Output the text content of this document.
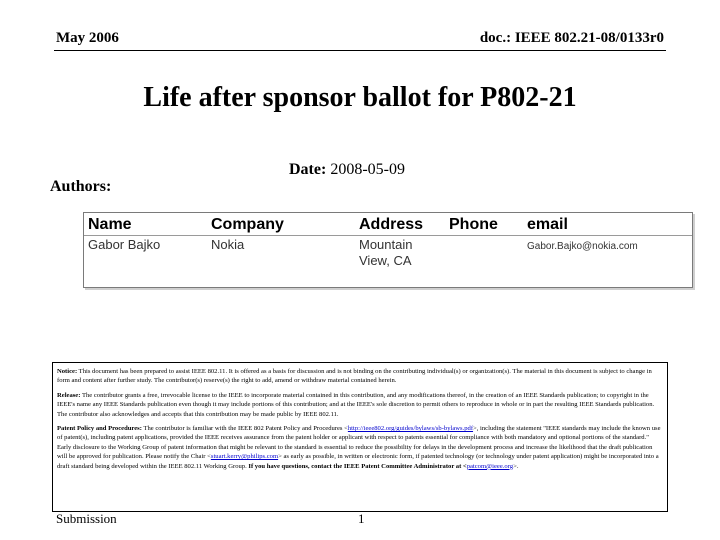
May 2006	doc.: IEEE 802.21-08/0133r0
Life after sponsor ballot for P802-21
Date: 2008-05-09
Authors:
Name	Company	Address	Phone	email
Gabor Bajko	Nokia	Mountain View, CA		Gabor.Bajko@nokia.com

Notice: This document has been prepared to assist IEEE 802.11. It is offered as a basis for discussion and is not binding on the contributing individual(s) or organization(s). The material in this document is subject to change in form and content after further study. The contributor(s) reserve(s) the right to add, amend or withdraw material contained herein.

Release: The contributor grants a free, irrevocable license to the IEEE to incorporate material contained in this contribution, and any modifications thereof, in the creation of an IEEE Standards publication; to copyright in the IEEE's name any IEEE Standards publication even though it may include portions of this contribution; and at the IEEE's sole discretion to permit others to reproduce in whole or in part the resulting IEEE Standards publication. The contributor also acknowledges and accepts that this contribution may be made public by IEEE 802.11.

Patent Policy and Procedures: The contributor is familiar with the IEEE 802 Patent Policy and Procedures <http://ieee802.org/guides/bylaws/sb-bylaws.pdf>, including the statement "IEEE standards may include the known use of patent(s), including patent applications, provided the IEEE receives assurance from the patent holder or applicant with respect to patents essential for compliance with both mandatory and optional portions of the standard." Early disclosure to the Working Group of patent information that might be relevant to the standard is essential to reduce the possibility for delays in the development process and increase the likelihood that the draft publication will be approved for publication. Please notify the Chair <stuart.kerry@philips.com> as early as possible, in written or electronic form, if patented technology (or technology under patent application) might be incorporated into a draft standard being developed within the IEEE 802.11 Working Group. If you have questions, contact the IEEE Patent Committee Administrator at <patcom@ieee.org>.

Submission	1
